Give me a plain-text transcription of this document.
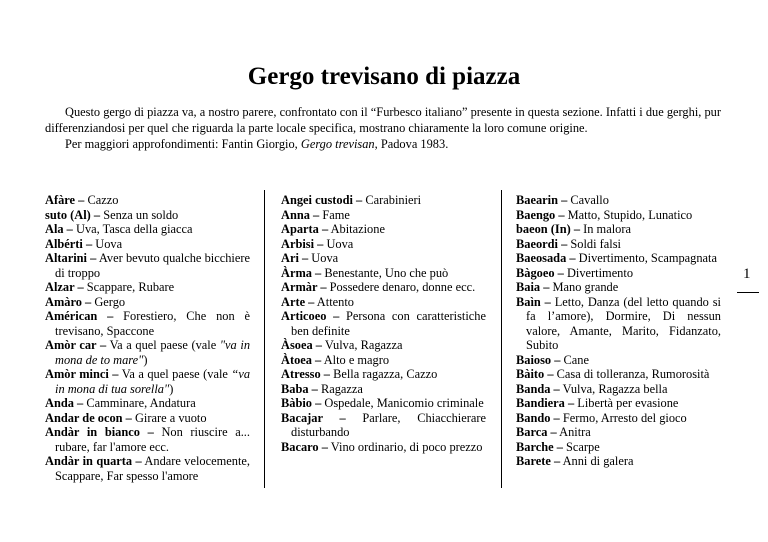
Gergo trevisano di piazza

Questo gergo di piazza va, a nostro parere, confrontato con il “Furbesco italiano” presente in questa sezione. Infatti i due gerghi, pur differenziandosi per quel che riguarda la parte locale specifica, mostrano chiaramente la loro comune origine.

Per maggiori approfondimenti: Fantin Giorgio, Gergo trevisan, Padova 1983.

Afàre – Cazzo

suto (Al) – Senza un soldo

Ala – Uva, Tasca della giacca

Albérti – Uova

Altarini – Aver bevuto qualche bicchiere di troppo

Alzar – Scappare, Rubare

Amàro – Gergo

Américan – Forestiero, Che non è trevisano, Spaccone

Amòr car – Va a quel paese (vale "va in mona de to mare")

Amòr minci – Va a quel paese (vale “va in mona di tua sorella")

Anda – Camminare, Andatura

Andar de ocon – Girare a vuoto

Andàr in bianco – Non riuscire a... rubare, far l'amore ecc.

Andàr in quarta – Andare velocemente, Scappare, Far spesso l'amore

Angei custodi – Carabinieri

Anna – Fame

Aparta – Abitazione

Arbisi – Uova

Ari – Uova

Àrma – Benestante, Uno che può

Armàr – Possedere denaro, donne ecc.

Arte – Attento

Articoeo – Persona con caratteristiche ben definite

Àsoea – Vulva, Ragazza

Àtoea – Alto e magro

Atresso – Bella ragazza, Cazzo

Baba – Ragazza

Bàbio – Ospedale, Manicomio criminale

Bacajar – Parlare, Chiacchierare disturbando

Bacaro – Vino ordinario, di poco prezzo

Baearin – Cavallo

Baengo – Matto, Stupido, Lunatico

baeon (In) – In malora

Baeordi – Soldi falsi

Baeosada – Divertimento, Scampagnata

Bàgoeo – Divertimento

Baia – Mano grande

Baìn – Letto, Danza (del letto quando si fa l’amore), Dormire, Di nessun valore, Amante, Marito, Fidanzato, Subito

Baioso – Cane

Bàito – Casa di tolleranza, Rumorosità

Banda – Vulva, Ragazza bella

Bandiera – Libertà per evasione

Bando – Fermo, Arresto del gioco

Barca – Anitra

Barche – Scarpe

Barete – Anni di galera

1
